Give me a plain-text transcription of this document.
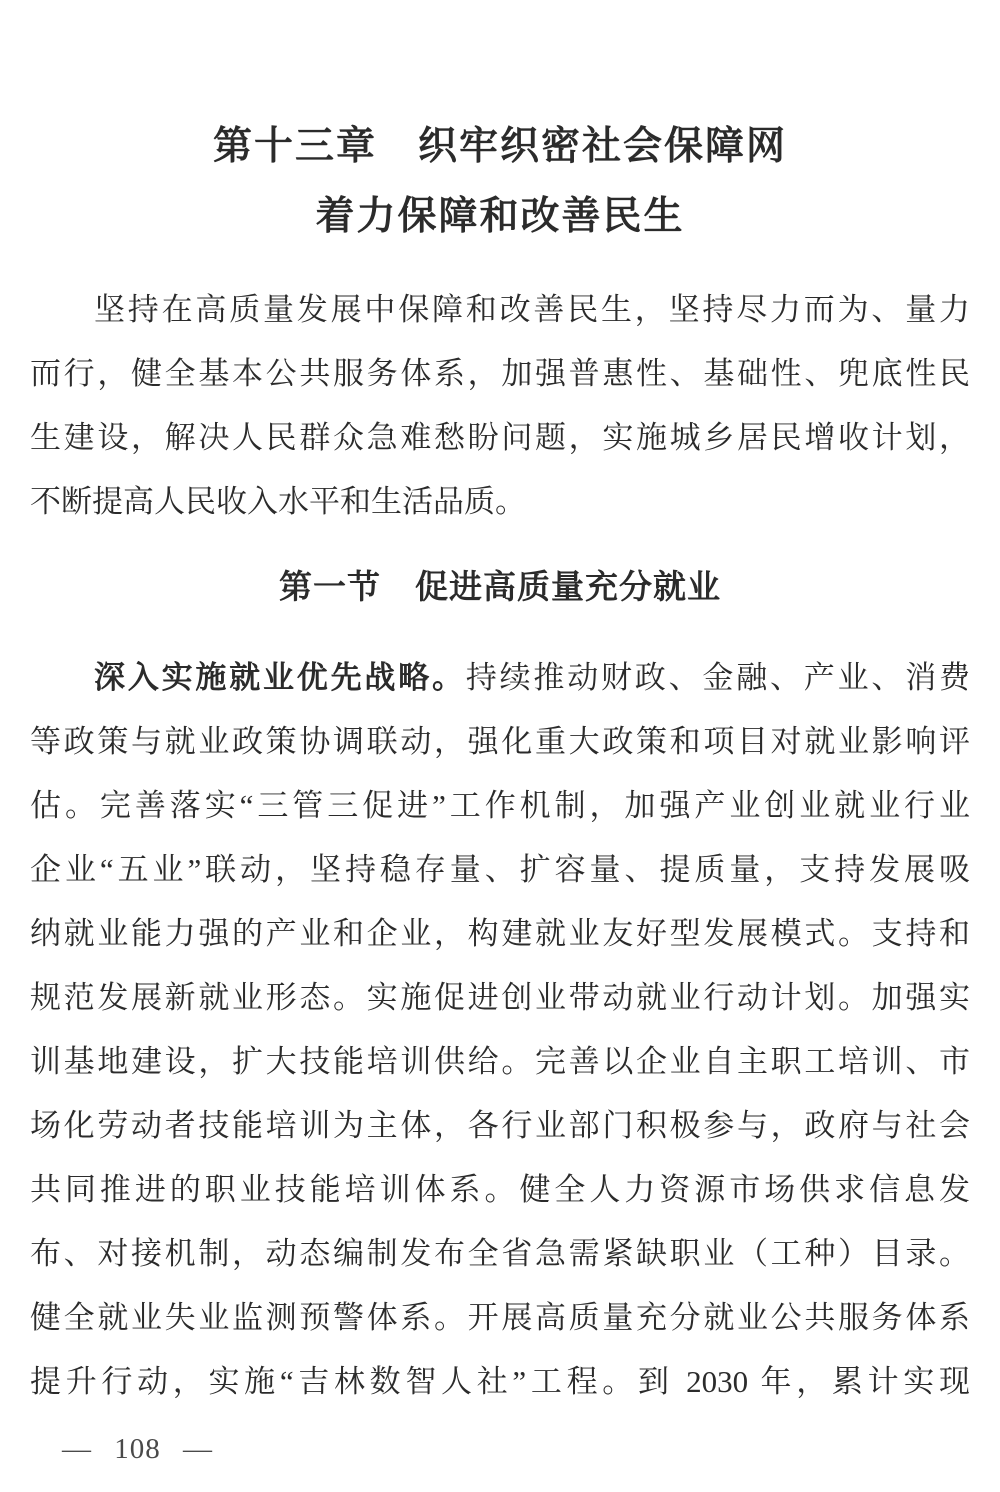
第十三章　织牢织密社会保障网
着力保障和改善民生
坚持在高质量发展中保障和改善民生，坚持尽力而为、量力
而行，健全基本公共服务体系，加强普惠性、基础性、兜底性民
生建设，解决人民群众急难愁盼问题，实施城乡居民增收计划，
不断提高人民收入水平和生活品质。
第一节　促进高质量充分就业
深入实施就业优先战略。持续推动财政、金融、产业、消费
等政策与就业政策协调联动，强化重大政策和项目对就业影响评
估。完善落实“三管三促进”工作机制，加强产业创业就业行业
企业“五业”联动，坚持稳存量、扩容量、提质量，支持发展吸
纳就业能力强的产业和企业，构建就业友好型发展模式。支持和
规范发展新就业形态。实施促进创业带动就业行动计划。加强实
训基地建设，扩大技能培训供给。完善以企业自主职工培训、市
场化劳动者技能培训为主体，各行业部门积极参与，政府与社会
共同推进的职业技能培训体系。健全人力资源市场供求信息发
布、对接机制，动态编制发布全省急需紧缺职业（工种）目录。
健全就业失业监测预警体系。开展高质量充分就业公共服务体系
提升行动，实施“吉林数智人社”工程。到 2030 年，累计实现
— 108 —
